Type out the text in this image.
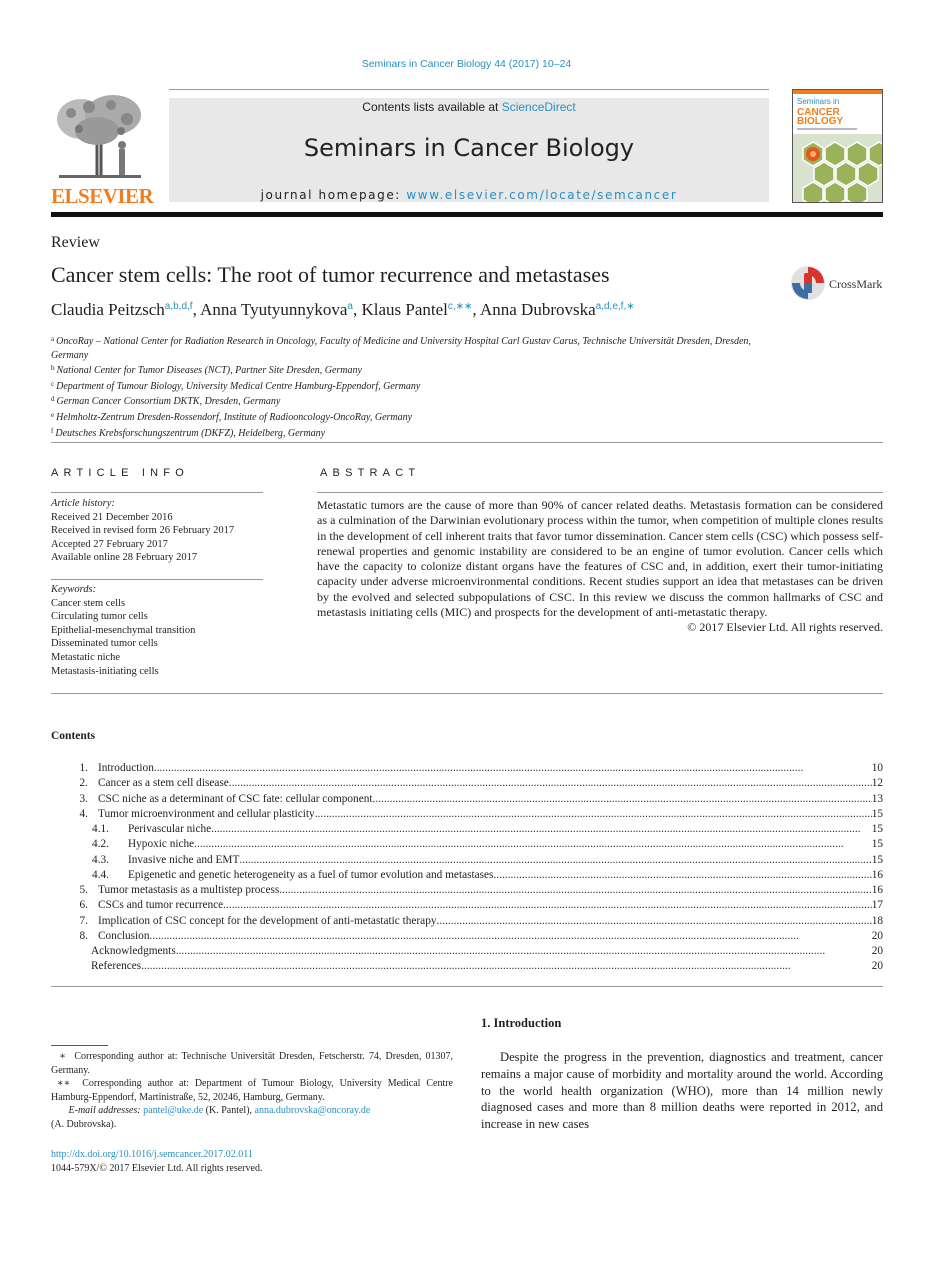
Seminars in Cancer Biology 44 (2017) 10–24
ELSEVIER
Contents lists available at ScienceDirect
Seminars in Cancer Biology
journal homepage: www.elsevier.com/locate/semcancer
Seminars in
CANCER
BIOLOGY
Review
Cancer stem cells: The root of tumor recurrence and metastases	CrossMark
Claudia Peitzsch$^{a,b,d,f}$, Anna Tyutyunnykova$^a$, Klaus Pantel$^{c,∗∗}$, Anna Dubrovska$^{a,d,e,f,∗}$
$^a$ OncoRay – National Center for Radiation Research in Oncology, Faculty of Medicine and University Hospital Carl Gustav Carus, Technische Universität Dresden, Dresden, Germany
$^b$ National Center for Tumor Diseases (NCT), Partner Site Dresden, Germany
$^c$ Department of Tumour Biology, University Medical Centre Hamburg-Eppendorf, Germany
$^d$ German Cancer Consortium DKTK, Dresden, Germany
$^e$ Helmholtz-Zentrum Dresden-Rossendorf, Institute of Radiooncology-OncoRay, Germany
$^f$ Deutsches Krebsforschungszentrum (DKFZ), Heidelberg, Germany
ARTICLE INFO	ABSTRACT
Article history:
Received 21 December 2016
Received in revised form 26 February 2017
Accepted 27 February 2017
Available online 28 February 2017
Keywords:
Cancer stem cells
Circulating tumor cells
Epithelial-mesenchymal transition
Disseminated tumor cells
Metastatic niche
Metastasis-initiating cells

Metastatic tumors are the cause of more than 90% of cancer related deaths. Metastasis formation can be considered as a culmination of the Darwinian evolutionary process within the tumor, when competition of multiple clones results in the development of cell inherent traits that favor tumor dissemination. Cancer stem cells (CSC) which possess self-renewal properties and genomic instability are considered to be an engine of tumor evolution. Cancer cells which have the capacity to colonize distant organs have the features of CSC and, in addition, exert their tumor-initiating capacity under adverse microenvironmental conditions. Recent studies support an idea that metastases can be driven by the evolved and selected subpopulations of CSC. In this review we discuss the common hallmarks of CSC and metastasis initiating cells (MIC) and prospects for the development of anti-metastatic therapy.

© 2017 Elsevier Ltd. All rights reserved.

Contents
1. Introduction . . .	10
2. Cancer as a stem cell disease . . .	12
3. CSC niche as a determinant of CSC fate: cellular component . . .	13
4. Tumor microenvironment and cellular plasticity . . .	15
4.1. Perivascular niche . . .	15
4.2. Hypoxic niche . . .	15
4.3. Invasive niche and EMT . . .	15
4.4. Epigenetic and genetic heterogeneity as a fuel of tumor evolution and metastases . . .	16
5. Tumor metastasis as a multistep process . . .	16
6. CSCs and tumor recurrence . . .	17
7. Implication of CSC concept for the development of anti-metastatic therapy . . .	18
8. Conclusion . . .	20
Acknowledgments . . .	20
References . . .	20

∗ Corresponding author at: Technische Universität Dresden, Fetscherstr. 74, Dresden, 01307, Germany.

∗∗ Corresponding author at: Department of Tumour Biology, University Medical Centre Hamburg-Eppendorf, Martinistraße, 52, 20246, Hamburg, Germany.

E-mail addresses: pantel@uke.de (K. Pantel), anna.dubrovska@oncoray.de
(A. Dubrovska).

http://dx.doi.org/10.1016/j.semcancer.2017.02.011
1044-579X/© 2017 Elsevier Ltd. All rights reserved.
1. Introduction

Despite the progress in the prevention, diagnostics and treatment, cancer remains a major cause of morbidity and mortality around the world. According to the world health organization (WHO), more than 14 million newly diagnosed cases and more than 8 million deaths were reported in 2012, and increase in new cases
